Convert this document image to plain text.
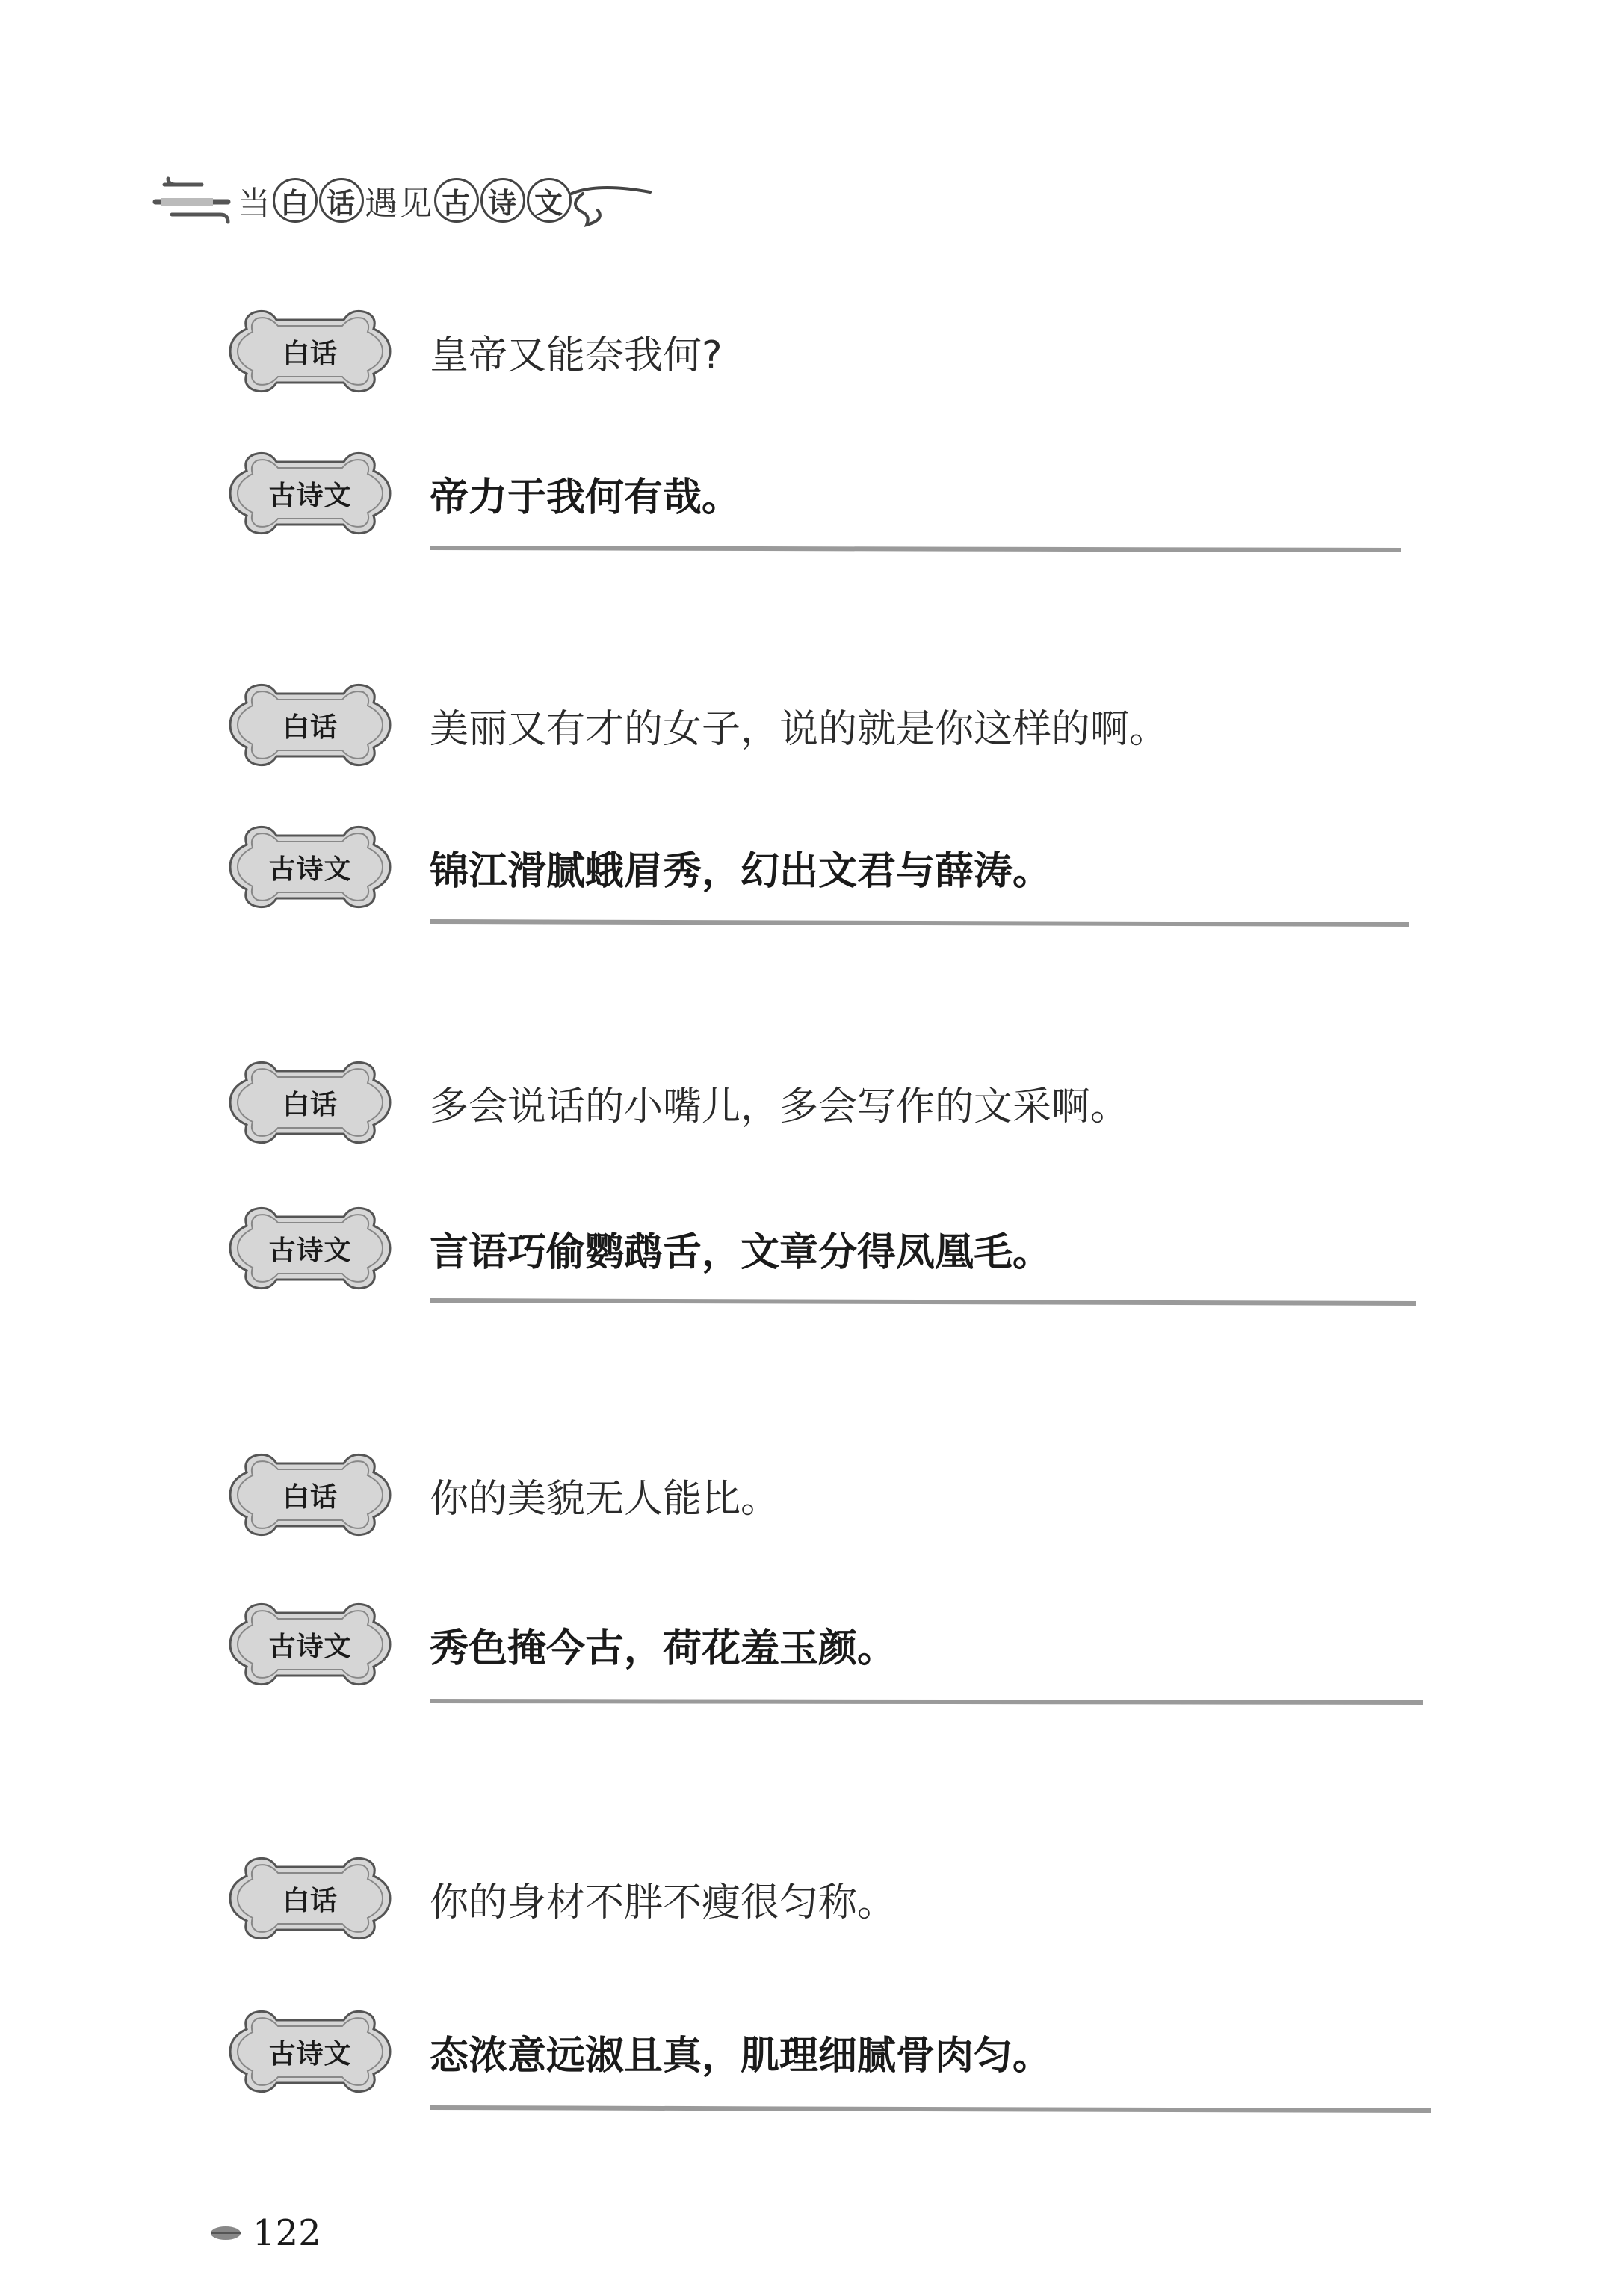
当 白 话 遇见 古 诗 文
白话	皇帝又能奈我何?
古诗文	帝力于我何有哉。
白话	美丽又有才的女子，说的就是你这样的啊。
古诗文	锦江滑腻蛾眉秀，幻出文君与薛涛。
白话	多会说话的小嘴儿，多会写作的文采啊。
古诗文	言语巧偷鹦鹉舌，文章分得凤凰毛。
白话	你的美貌无人能比。
古诗文	秀色掩今古，荷花羞玉颜。
白话	你的身材不胖不瘦很匀称。
古诗文	态浓意远淑且真，肌理细腻骨肉匀。
122
